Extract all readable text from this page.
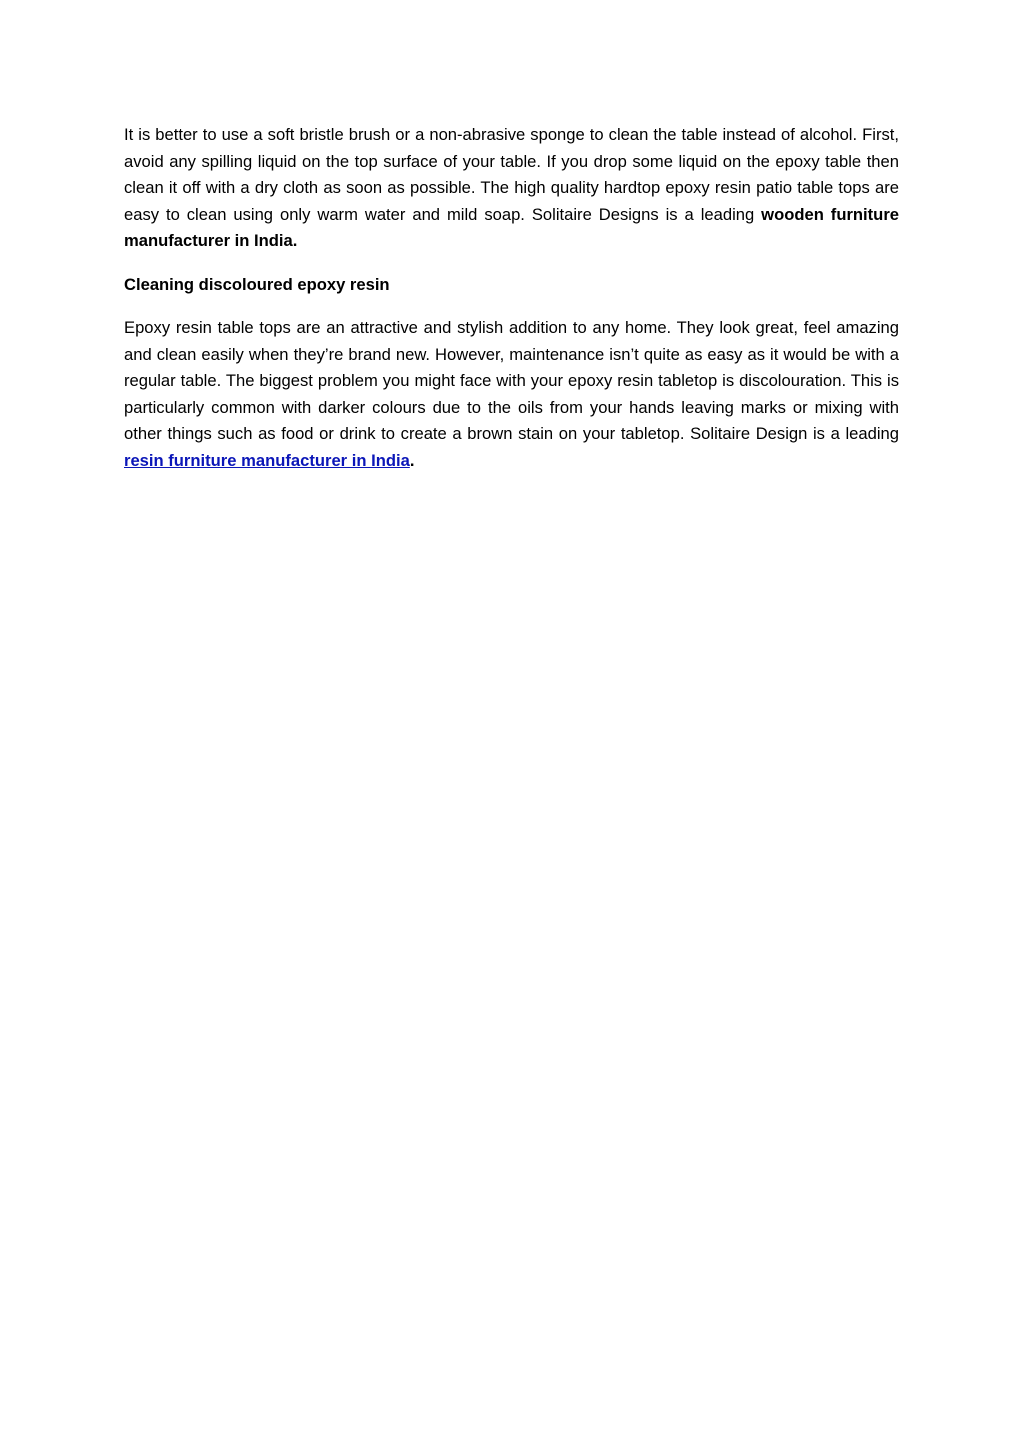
It is better to use a soft bristle brush or a non-abrasive sponge to clean the table instead of alcohol. First, avoid any spilling liquid on the top surface of your table. If you drop some liquid on the epoxy table then clean it off with a dry cloth as soon as possible. The high quality hardtop epoxy resin patio table tops are easy to clean using only warm water and mild soap. Solitaire Designs is a leading wooden furniture manufacturer in India.

Cleaning discoloured epoxy resin

Epoxy resin table tops are an attractive and stylish addition to any home. They look great, feel amazing and clean easily when they’re brand new. However, maintenance isn’t quite as easy as it would be with a regular table. The biggest problem you might face with your epoxy resin tabletop is discolouration. This is particularly common with darker colours due to the oils from your hands leaving marks or mixing with other things such as food or drink to create a brown stain on your tabletop. Solitaire Design is a leading resin furniture manufacturer in India.
